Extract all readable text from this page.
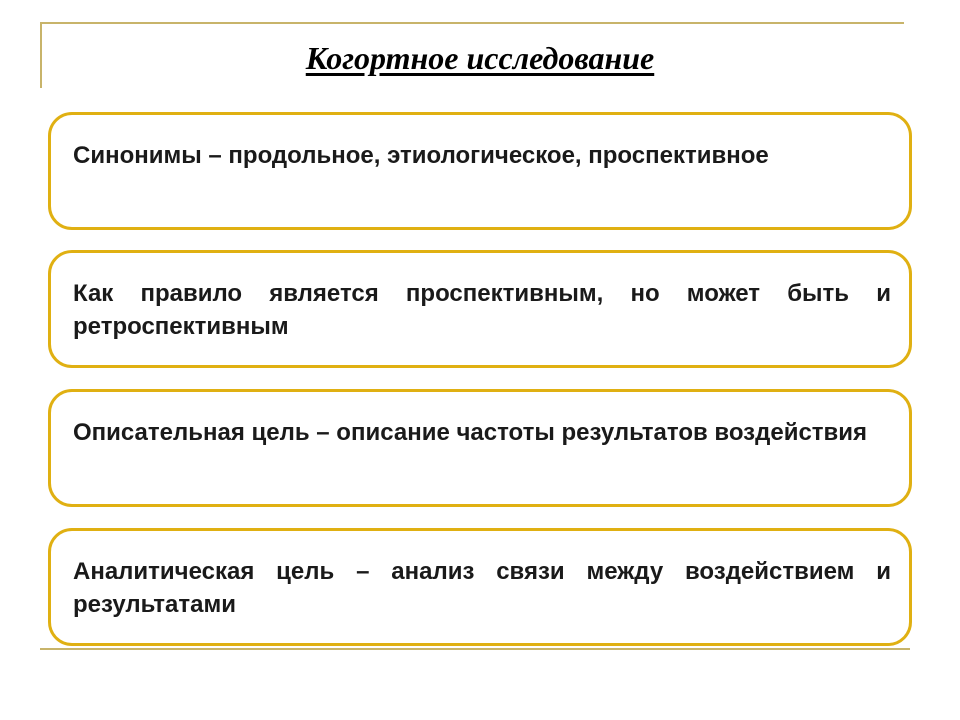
Когортное исследование
Синонимы – продольное, этиологическое, проспективное
Как правило является проспективным, но может быть и ретроспективным
Описательная цель – описание частоты результатов воздействия
Аналитическая цель – анализ связи между воздействием и результатами
